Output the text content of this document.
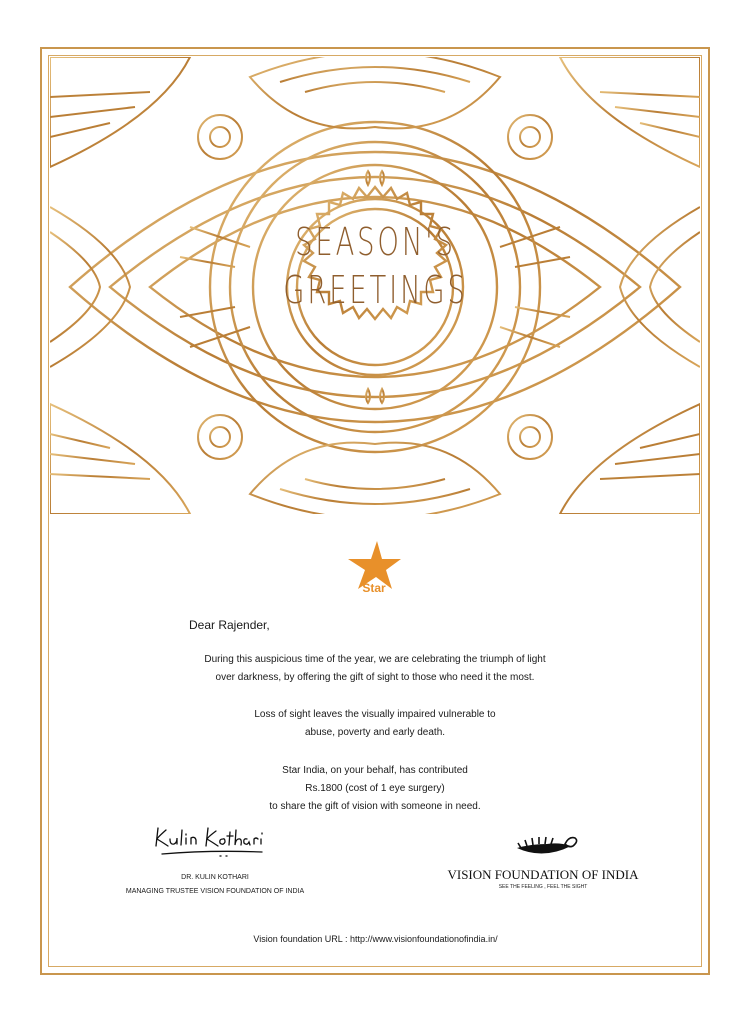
SEASON'S
GREETINGS
Star
Dear Rajender,
During this auspicious time of the year, we are celebrating the triumph of light
over darkness, by offering the gift of sight to those who need it the most.
Loss of sight leaves the visually impaired vulnerable to
abuse, poverty and early death.
Star India, on your behalf, has contributed
Rs.1800 (cost of 1 eye surgery)
to share the gift of vision with someone in need.
DR. KULIN KOTHARI
MANAGING TRUSTEE VISION FOUNDATION OF INDIA
VISION FOUNDATION OF INDIA
SEE THE FEELING , FEEL THE SIGHT
Vision foundation URL : http://www.visionfoundationofindia.in/
